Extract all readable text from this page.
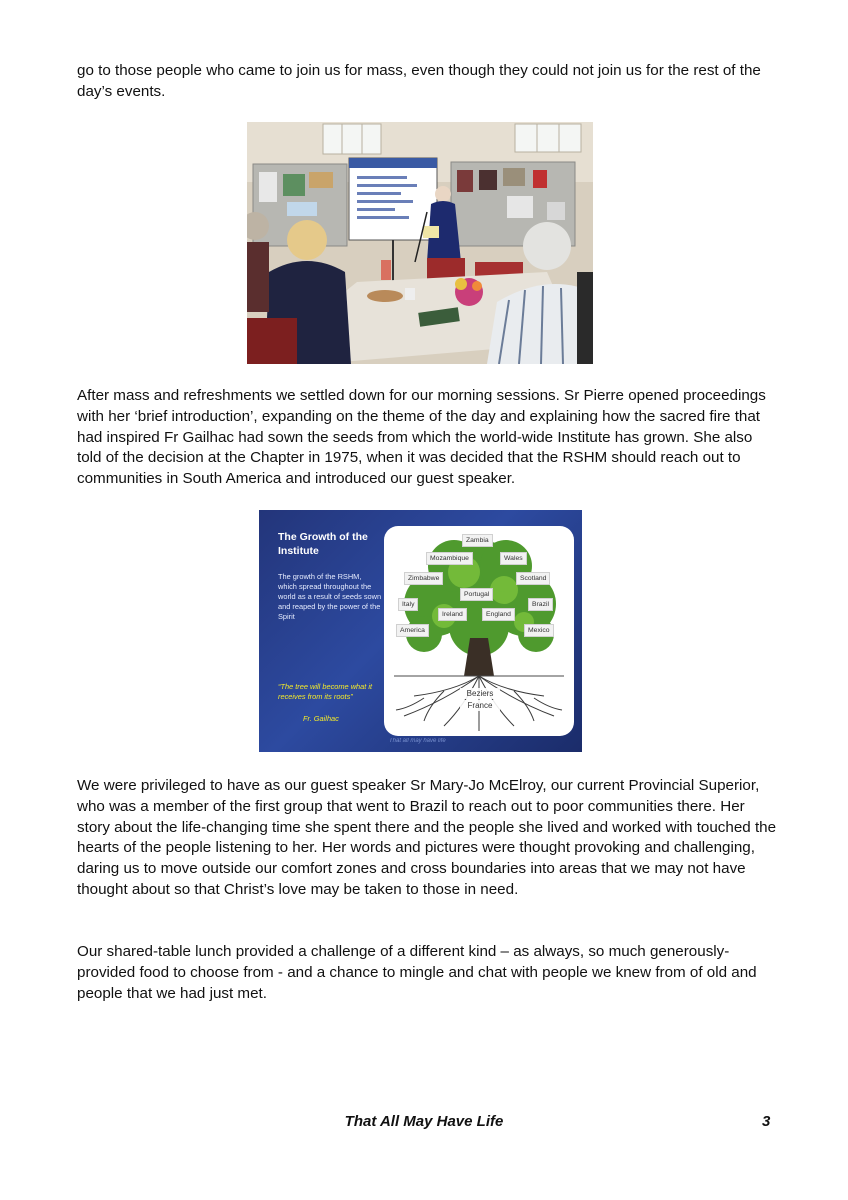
go to those people who came to join us for mass, even though they could not join us for the rest of the day’s events.

After mass and refreshments we settled down for our morning sessions. Sr Pierre opened proceedings with her ‘brief introduction’, expanding on the theme of the day and explaining how the sacred fire that had inspired Fr Gailhac had sown the seeds from which the world-wide Institute has grown. She also told of the decision at the Chapter in 1975, when it was decided that the RSHM should reach out to communities in South America and introduced our guest speaker.

The Growth of the Institute
The growth of the RSHM, which spread throughout the world as a result of seeds sown and reaped by the power of the Spirit
“The tree will become what it receives from its roots”
Fr. Gailhac
That all may have life
Zambia
Mozambique	Wales
Zimbabwe	Scotland
Portugal
Brazil
Italy
Ireland	England
Mexico
America
Beziers
France

We were privileged to have as our guest speaker Sr Mary-Jo McElroy, our current Provincial Superior, who was a member of the first group that went to Brazil to reach out to poor communities there. Her story about the life-changing time she spent there and the people she lived and worked with touched the hearts of the people listening to her. Her words and pictures were thought provoking and challenging, daring us to move outside our comfort zones and cross boundaries into areas that we may not have thought about so that Christ’s love may be taken to those in need.

Our shared-table lunch provided a challenge of a different kind – as always, so much generously-provided food to choose from - and a chance to mingle and chat with people we knew from of old and people that we had just met.

That All May Have Life	3
